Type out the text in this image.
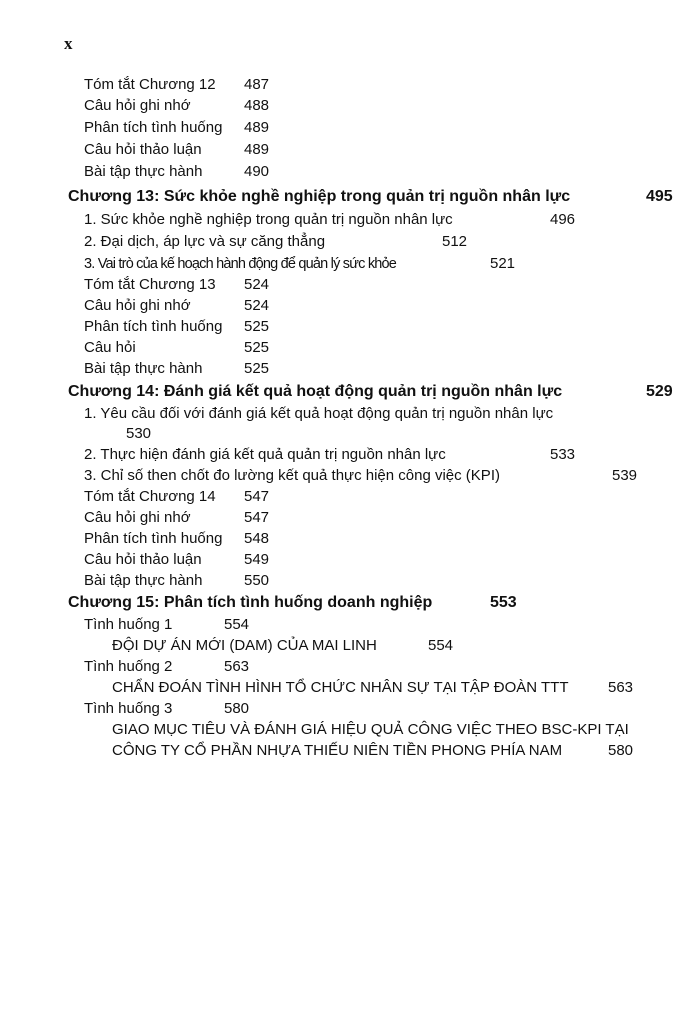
x
Tóm tắt Chương 12 487
Câu hỏi ghi nhớ	488
Phân tích tình huống 489
Câu hỏi thảo luận	489
Bài tập thực hành	490
Chương 13: Sức khỏe nghề nghiệp trong quản trị nguồn nhân lực	495
1. Sức khỏe nghề nghiệp trong quản trị nguồn nhân lực	496
2. Đại dịch, áp lực và sự căng thẳng	512
3. Vai trò của kế hoạch hành động để quản lý sức khỏe	521
Tóm tắt Chương 13 524
Câu hỏi ghi nhớ	524
Phân tích tình huống 525
Câu hỏi	525
Bài tập thực hành	525
Chương 14: Đánh giá kết quả hoạt động quản trị nguồn nhân lực	529
1. Yêu cầu đối với đánh giá kết quả hoạt động quản trị nguồn nhân lực
530
2. Thực hiện đánh giá kết quả quản trị nguồn nhân lực	533
3. Chỉ số then chốt đo lường kết quả thực hiện công việc (KPI)	539
Tóm tắt Chương 14 547
Câu hỏi ghi nhớ	547
Phân tích tình huống 548
Câu hỏi thảo luận	549
Bài tập thực hành	550
Chương 15: Phân tích tình huống doanh nghiệp	553
Tình huống 1	554
ĐỘI DỰ ÁN MỚI (DAM) CỦA MAI LINH	554
Tình huống 2	563
CHẨN ĐOÁN TÌNH HÌNH TỔ CHỨC NHÂN SỰ TẠI TẬP ĐOÀN TTT	563
Tình huống 3	580
GIAO MỤC TIÊU VÀ ĐÁNH GIÁ HIỆU QUẢ CÔNG VIỆC THEO BSC-KPI TẠI
CÔNG TY CỔ PHẦN NHỰA THIẾU NIÊN TIỀN PHONG PHÍA NAM	580
